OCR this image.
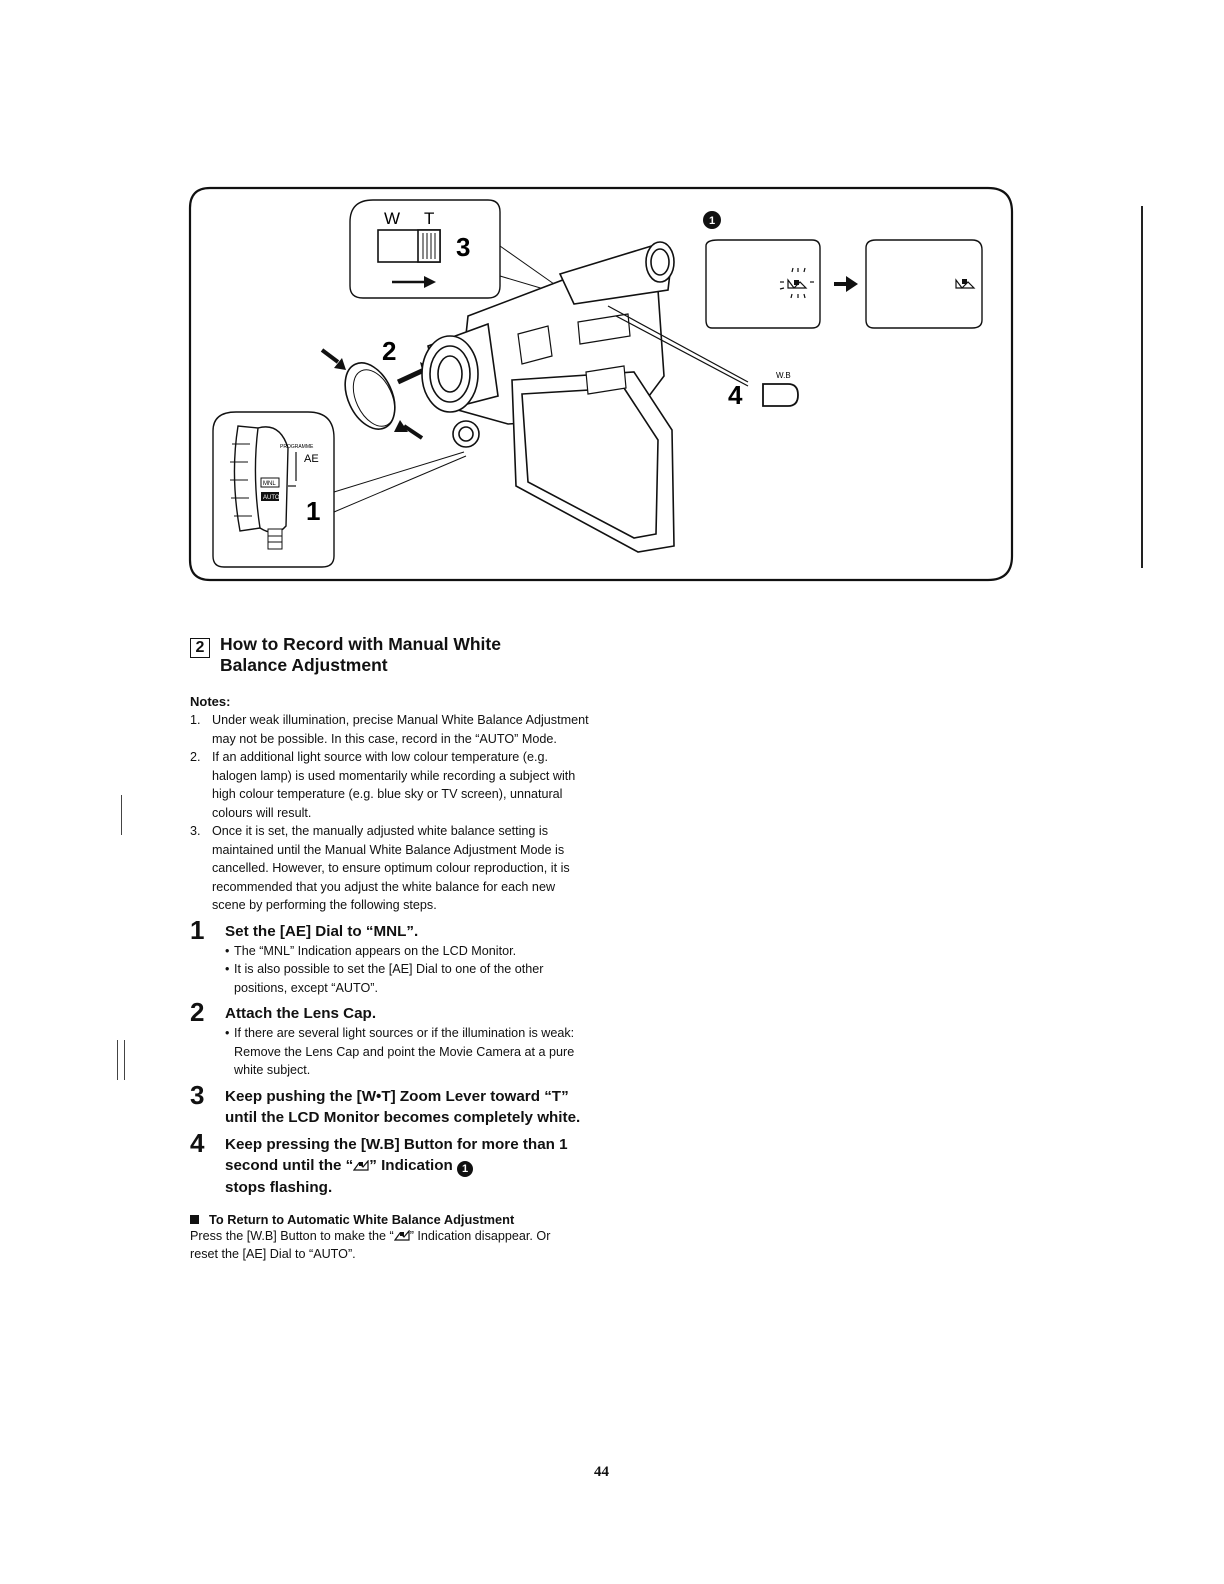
W T
3
PROGRAMME
AE
MNL
AUTO 1
2
4
W.B
1
2 How to Record with Manual White Balance Adjustment
Notes:
1. Under weak illumination, precise Manual White Balance Adjustment may not be possible. In this case, record in the “AUTO” Mode.
2. If an additional light source with low colour temperature (e.g. halogen lamp) is used momentarily while recording a subject with high colour temperature (e.g. blue sky or TV screen), unnatural colours will result.
3. Once it is set, the manually adjusted white balance setting is maintained until the Manual White Balance Adjustment Mode is cancelled. However, to ensure optimum colour reproduction, it is recommended that you adjust the white balance for each new scene by performing the following steps.
1 Set the [AE] Dial to “MNL”.
• The “MNL” Indication appears on the LCD Monitor.
• It is also possible to set the [AE] Dial to one of the other positions, except “AUTO”.
2 Attach the Lens Cap.
• If there are several light sources or if the illumination is weak:
Remove the Lens Cap and point the Movie Camera at a pure white subject.
3 Keep pushing the [W•T] Zoom Lever toward “T” until the LCD Monitor becomes completely white.
4 Keep pressing the [W.B] Button for more than 1 second until the “ ” Indication 1
stops flashing.
To Return to Automatic White Balance Adjustment
Press the [W.B] Button to make the “ ” Indication disappear. Or reset the [AE] Dial to “AUTO”.
44
